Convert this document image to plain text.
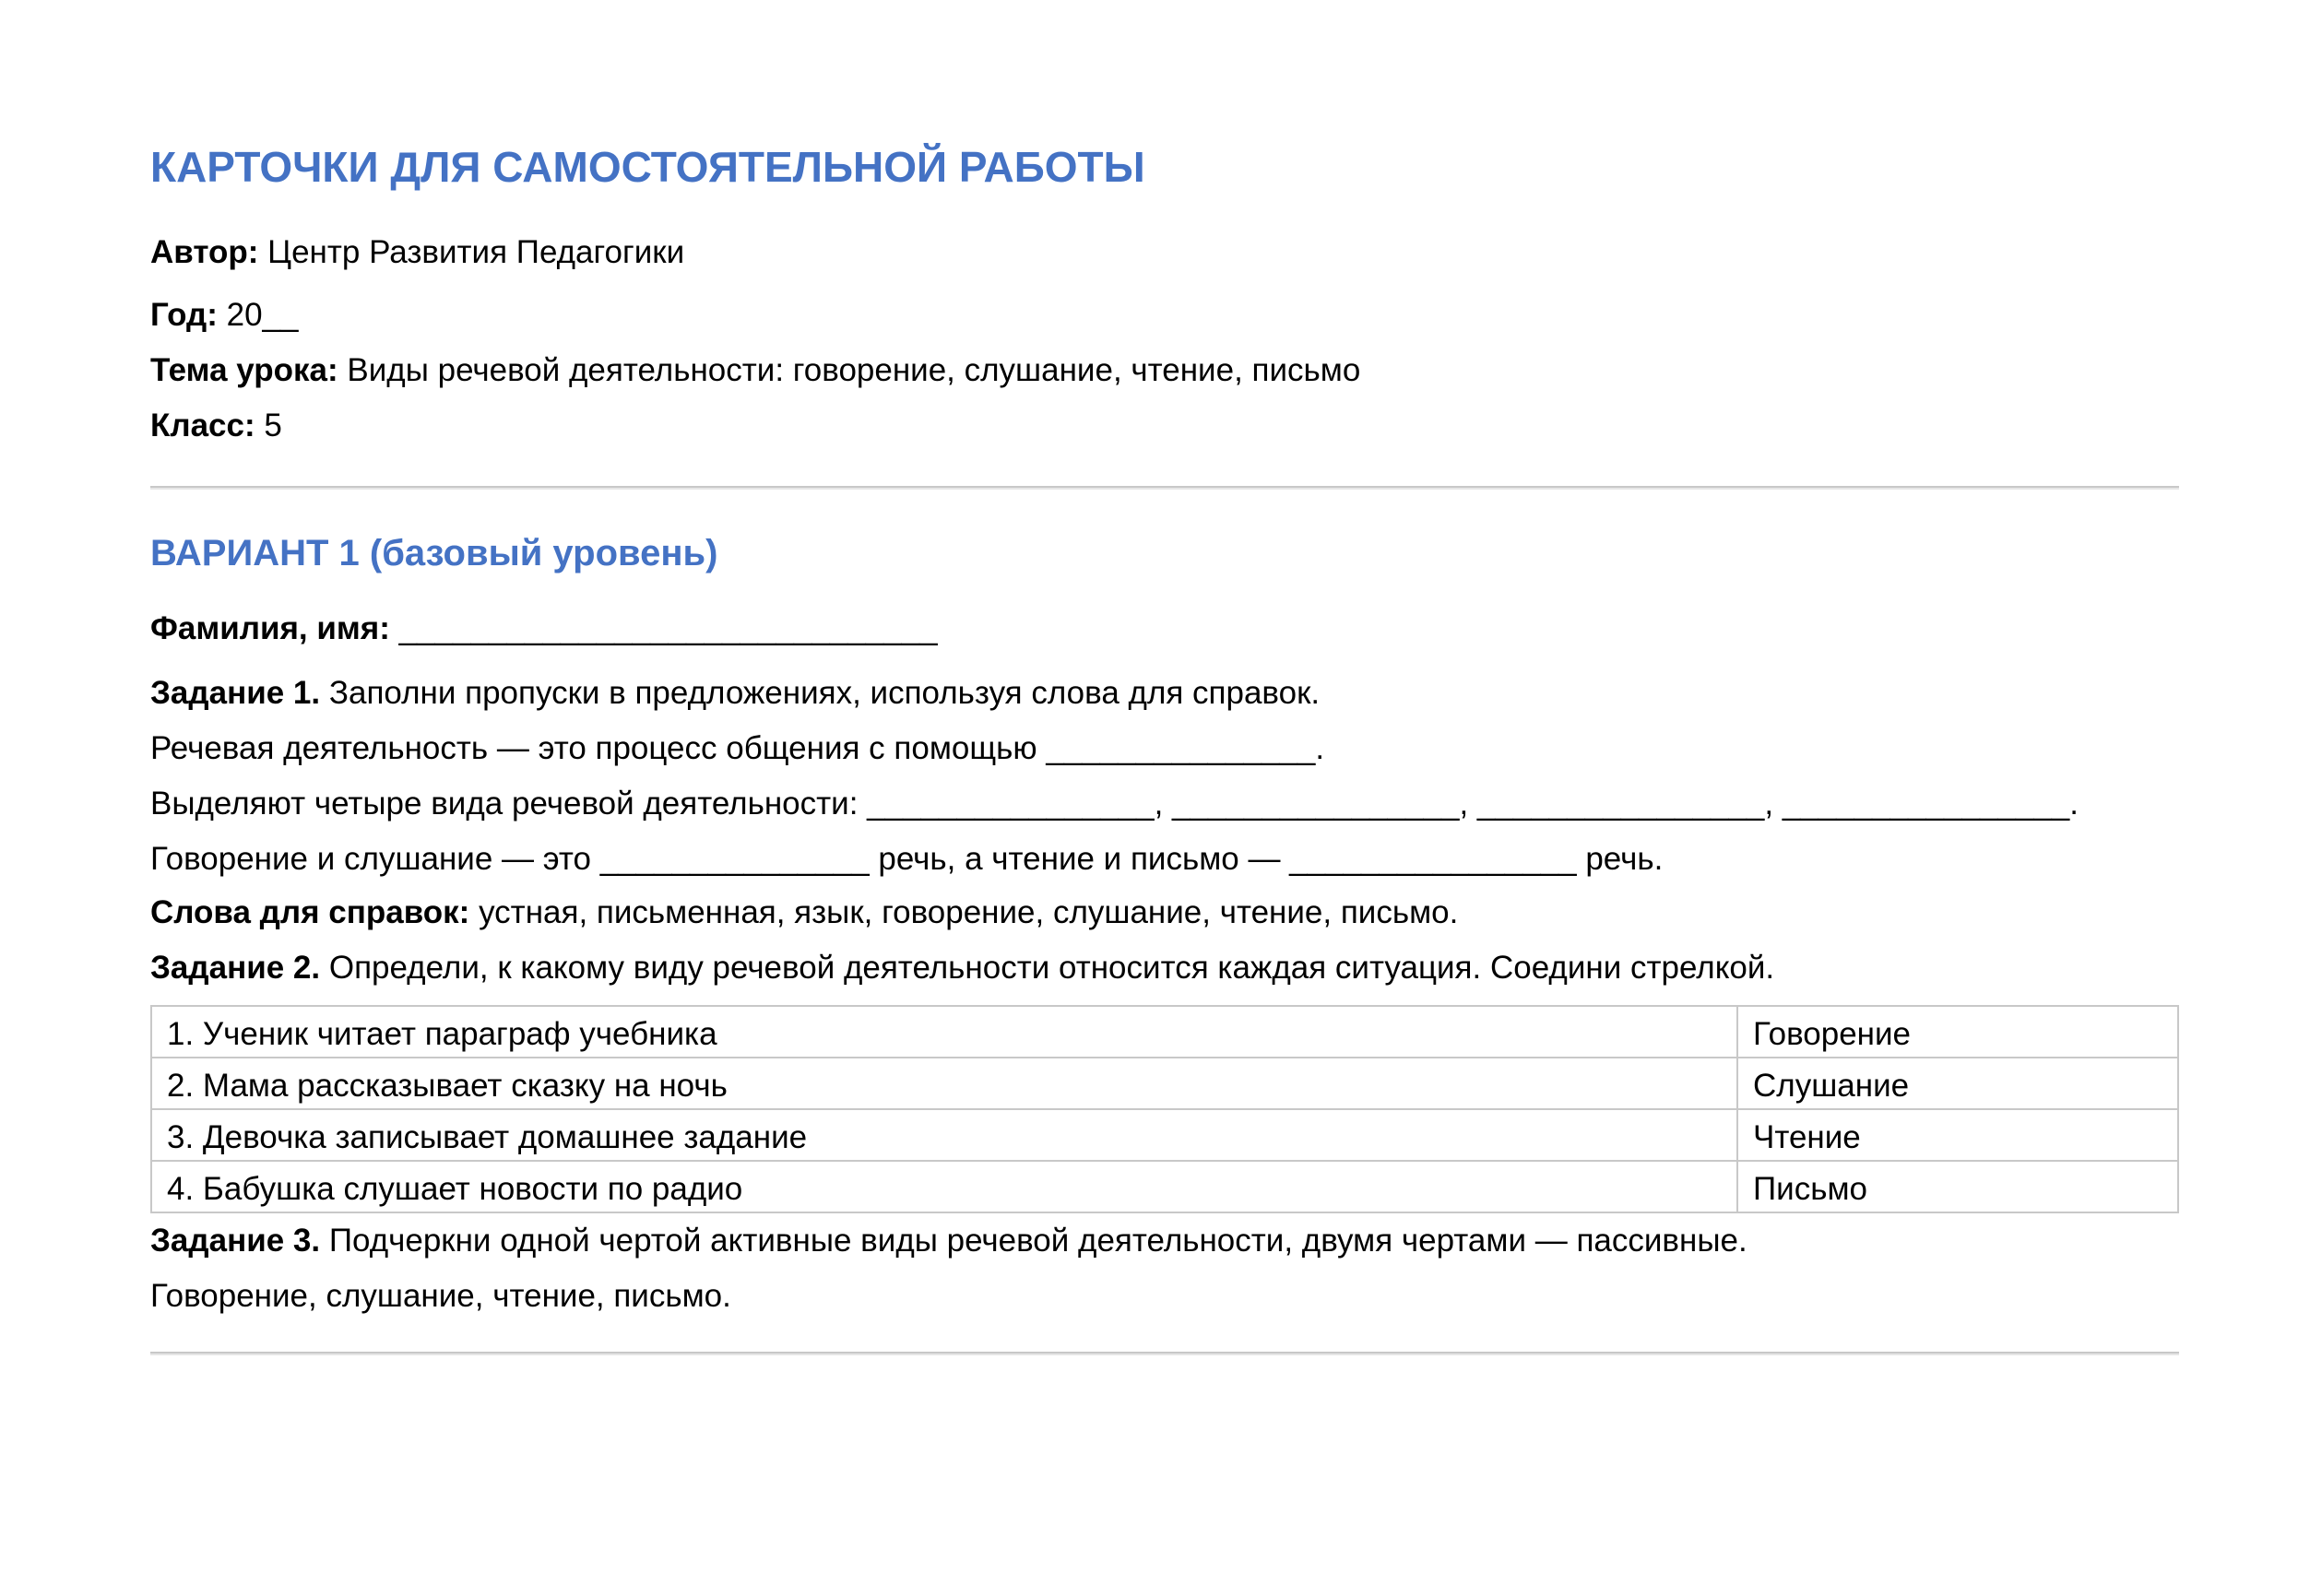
КАРТОЧКИ ДЛЯ САМОСТОЯТЕЛЬНОЙ РАБОТЫ
Автор: Центр Развития Педагогики
Год: 20__
Тема урока: Виды речевой деятельности: говорение, слушание, чтение, письмо
Класс: 5
ВАРИАНТ 1 (базовый уровень)
Фамилия, имя: ______________________________
Задание 1. Заполни пропуски в предложениях, используя слова для справок.
Речевая деятельность — это процесс общения с помощью _______________.
Выделяют четыре вида речевой деятельности: ________________, ________________, ________________, ________________.
Говорение и слушание — это _______________ речь, а чтение и письмо — ________________ речь.
Слова для справок: устная, письменная, язык, говорение, слушание, чтение, письмо.
Задание 2. Определи, к какому виду речевой деятельности относится каждая ситуация. Соедини стрелкой.
1. Ученик читает параграф учебника	Говорение
2. Мама рассказывает сказку на ночь	Слушание
3. Девочка записывает домашнее задание	Чтение
4. Бабушка слушает новости по радио	Письмо
Задание 3. Подчеркни одной чертой активные виды речевой деятельности, двумя чертами — пассивные.
Говорение, слушание, чтение, письмо.
